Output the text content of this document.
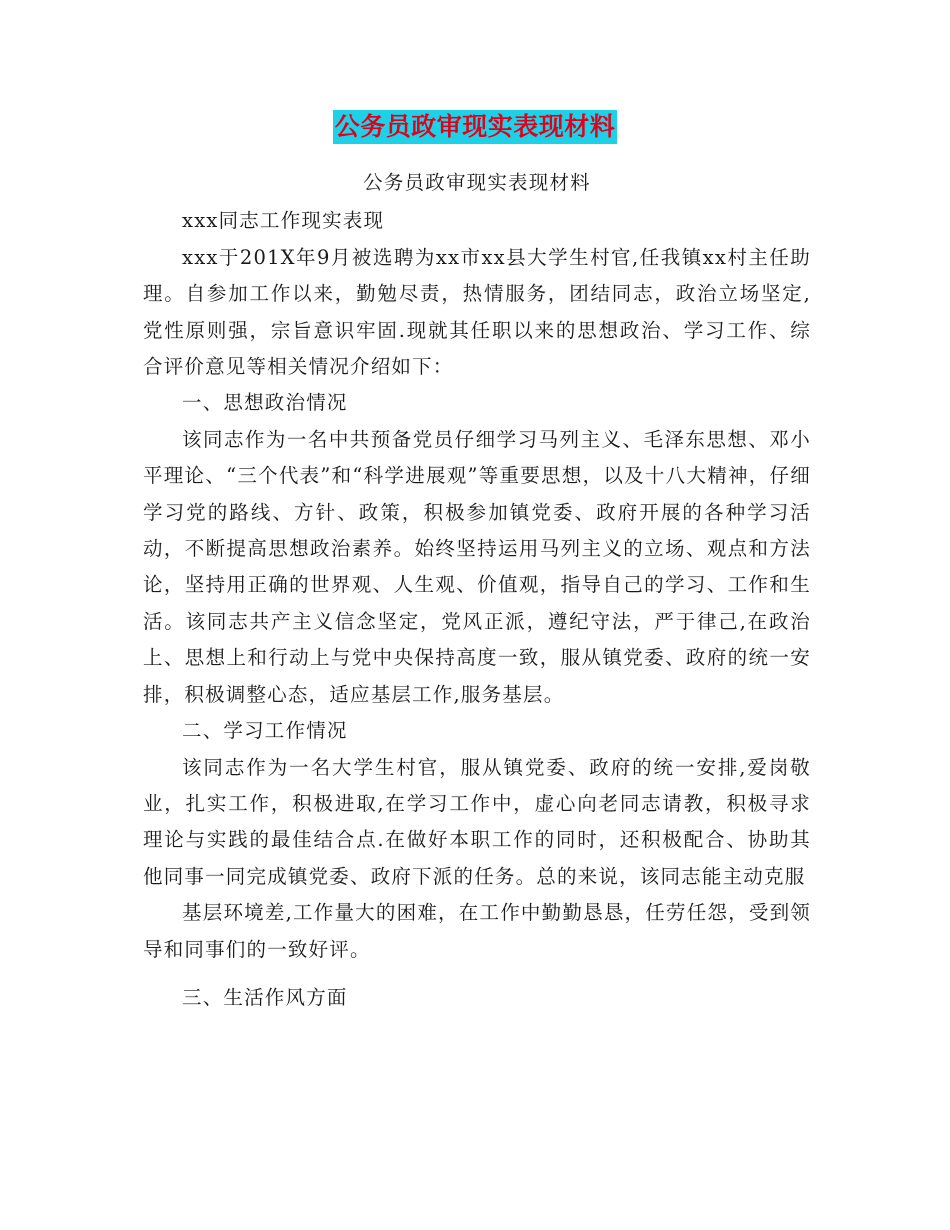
公务员政审现实表现材料

公务员政审现实表现材料

xxx同志工作现实表现

xxx于201X年9月被选聘为xx市xx县大学生村官,任我镇xx村主任助理。自参加工作以来，勤勉尽责，热情服务，团结同志，政治立场坚定,党性原则强，宗旨意识牢固.现就其任职以来的思想政治、学习工作、综合评价意见等相关情况介绍如下：

一、思想政治情况

该同志作为一名中共预备党员仔细学习马列主义、毛泽东思想、邓小平理论、“三个代表”和“科学进展观”等重要思想，以及十八大精神，仔细学习党的路线、方针、政策，积极参加镇党委、政府开展的各种学习活动，不断提高思想政治素养。始终坚持运用马列主义的立场、观点和方法论，坚持用正确的世界观、人生观、价值观，指导自己的学习、工作和生活。该同志共产主义信念坚定，党风正派，遵纪守法，严于律己,在政治上、思想上和行动上与党中央保持高度一致，服从镇党委、政府的统一安排，积极调整心态，适应基层工作,服务基层。

二、学习工作情况

该同志作为一名大学生村官，服从镇党委、政府的统一安排,爱岗敬业，扎实工作，积极进取,在学习工作中，虚心向老同志请教，积极寻求理论与实践的最佳结合点.在做好本职工作的同时，还积极配合、协助其他同事一同完成镇党委、政府下派的任务。总的来说，该同志能主动克服

基层环境差,工作量大的困难，在工作中勤勤恳恳，任劳任怨，受到领导和同事们的一致好评。

三、生活作风方面
